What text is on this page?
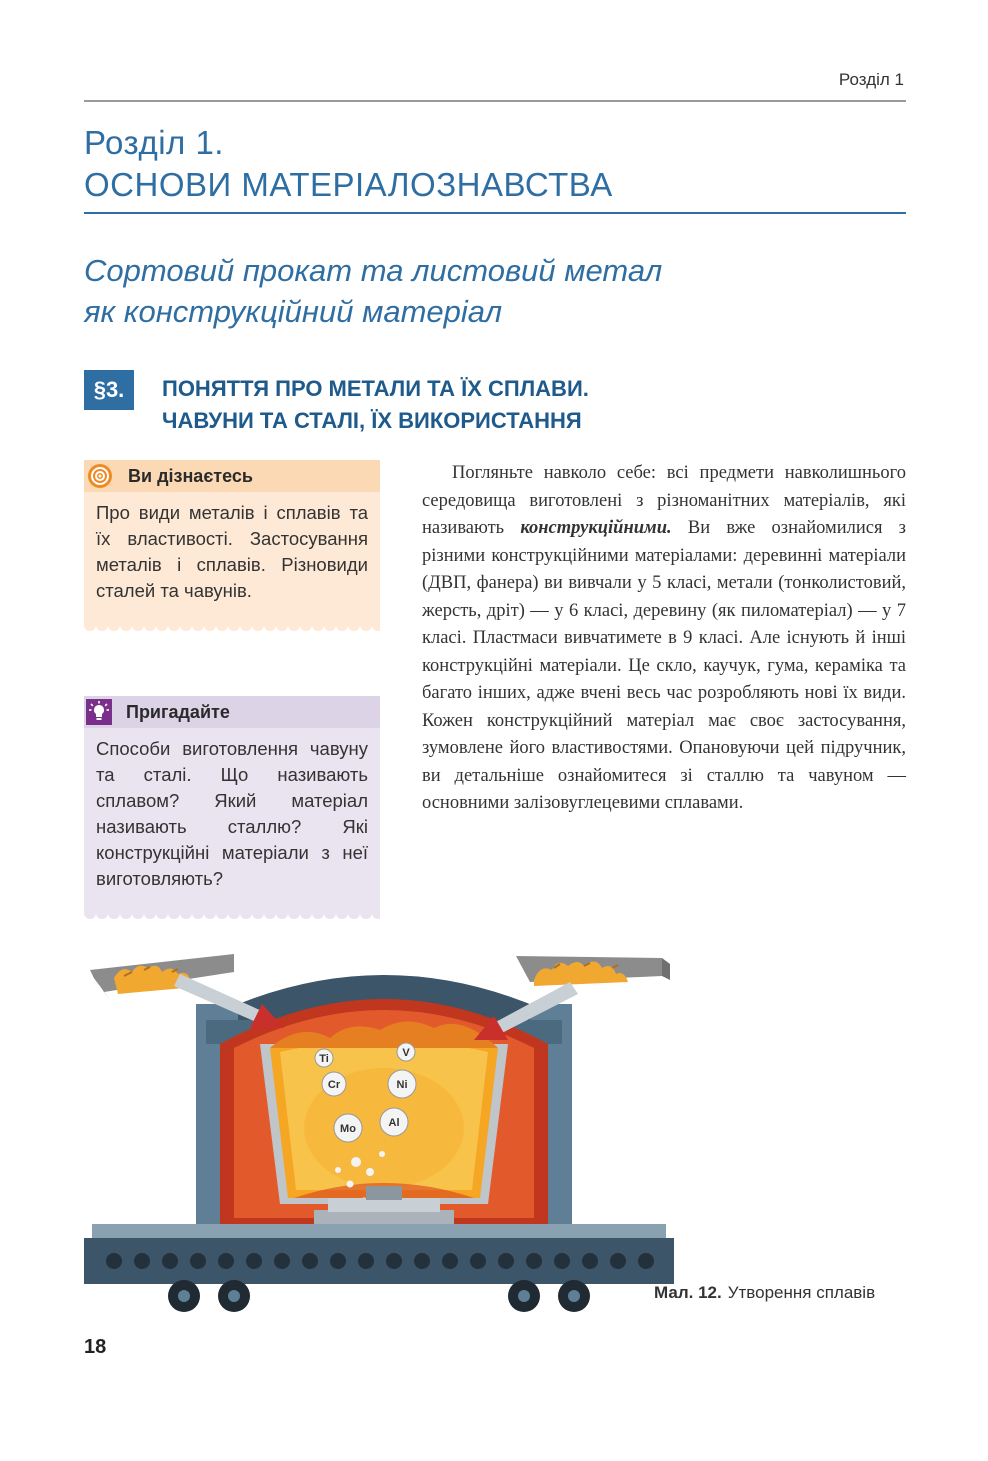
Розділ 1
Розділ 1.
ОСНОВИ МАТЕРІАЛОЗНАВСТВА
Сортовий прокат та листовий метал
як конструкційний матеріал
§3.	ПОНЯТТЯ ПРО МЕТАЛИ ТА ЇХ СПЛАВИ.
ЧАВУНИ ТА СТАЛІ, ЇХ ВИКОРИСТАННЯ
Ви дізнаєтесь
Про види металів і сплавів та їх властивості. Застосування металів і сплавів. Різновиди сталей та чавунів.
Пригадайте
Способи виготовлення чавуну та сталі. Що називають сплавом? Який матеріал називають сталлю? Які конструкційні матеріали з неї виготовляють?

Погляньте навколо себе: всі предмети навколишнього середовища виготовлені з різноманітних матеріалів, які називають конструкційними. Ви вже ознайомилися з різними конструкційними матеріалами: деревинні матеріали (ДВП, фанера) ви вивчали у 5 класі, метали (тонколистовий, жерсть, дріт) — у 6 класі, деревину (як пиломатеріал) — у 7 класі. Пластмаси вивчатимете в 9 класі. Але існують й інші конструкційні матеріали. Це скло, каучук, гума, кераміка та багато інших, адже вчені весь час розробляють нові їх види. Кожен конструкційний матеріал має своє застосування, зумовлене його властивостями. Опановуючи цей підручник, ви детальніше ознайомитеся зі сталлю та чавуном — основними залізовуглецевими сплавами.

V
Ni
Cr
Mo	Al
Ti
Мал. 12. Утворення сплавів
18
